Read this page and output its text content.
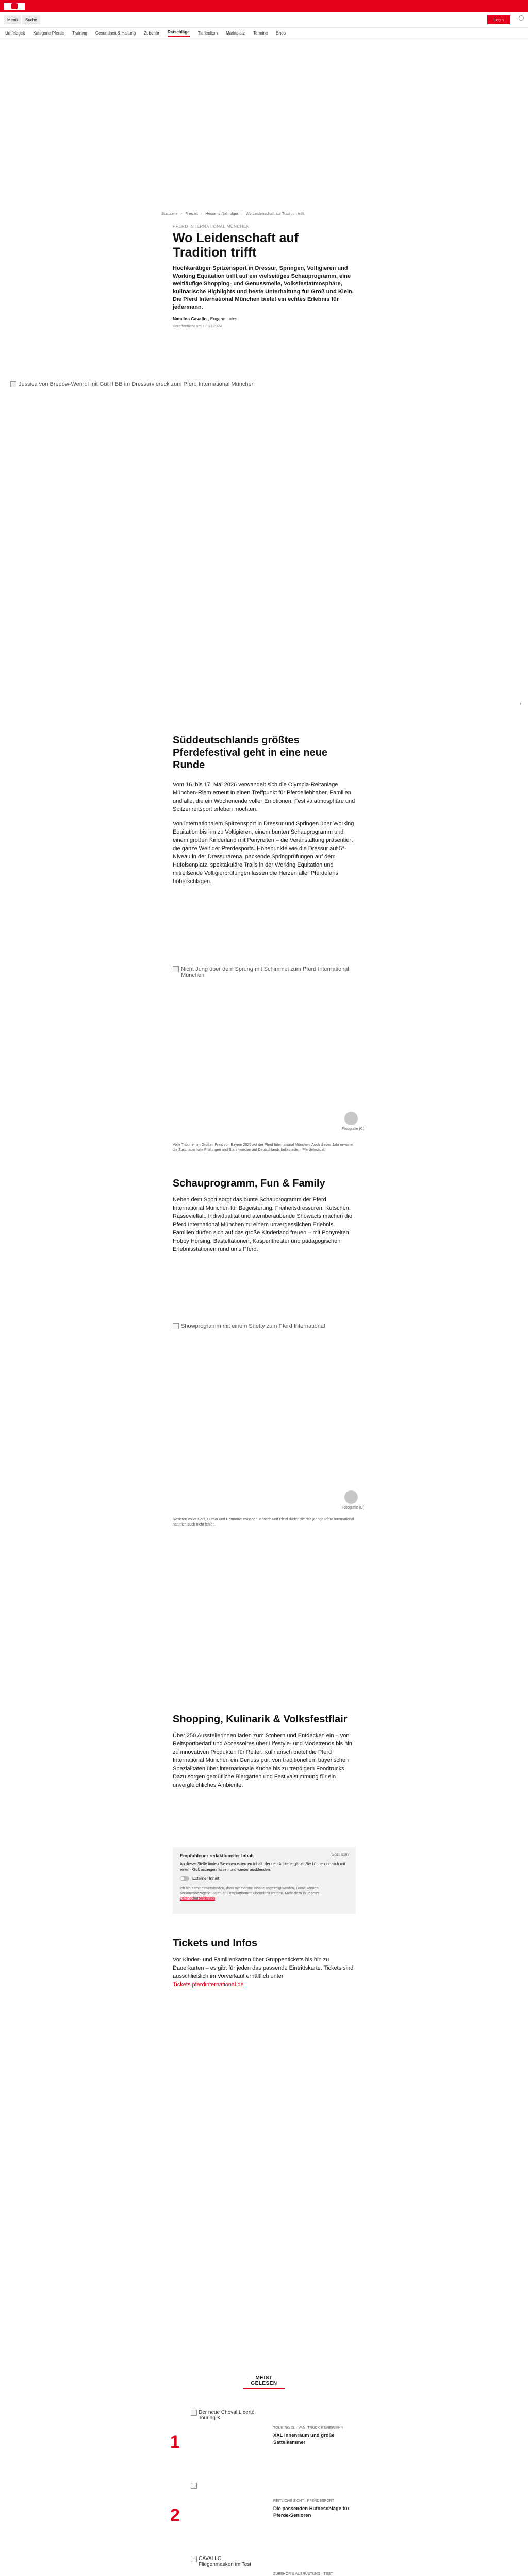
Menü	Suche	Login
Umfeldgelt Kategorie Pferde Training Gesundheit & Haltung Zubehör Ratschläge Tierlexikon Marktplatz Termine Shop
Startseite › Freizeit › Hessens Nahfolger › Wo Leidenschaft auf Tradition trifft
PFERD INTERNATIONAL MÜNCHEN
Wo Leidenschaft auf Tradition trifft

Hochkarätiger Spitzensport in Dressur, Springen, Voltigieren und Working Equitation trifft auf ein vielseitiges Schauprogramm, eine weitläufige Shopping- und Genussmeile, Volksfestatmosphäre, kulinarische Highlights und beste Unterhaltung für Groß und Klein. Die Pferd International München bietet ein echtes Erlebnis für jedermann.

Natalina Cavallo , Eugene Lutes
Veröffentlicht am 17.03.2024
Jessica von Bredow-Werndl mit Gut II BB im Dressurviereck zum Pferd International München
›
Süddeutschlands größtes Pferdefestival geht in eine neue Runde

Vom 16. bis 17. Mai 2026 verwandelt sich die Olympia-Reitanlage München-Riem erneut in einen Treffpunkt für Pferdeliebhaber, Familien und alle, die ein Wochenende voller Emotionen, Festivalatmosphäre und Spitzenreitsport erleben möchten.

Von internationalem Spitzensport in Dressur und Springen über Working Equitation bis hin zu Voltigieren, einem bunten Schauprogramm und einem großen Kinderland mit Ponyreiten – die Veranstaltung präsentiert die ganze Welt der Pferdesports. Höhepunkte wie die Dressur auf 5*-Niveau in der Dressurarena, packende Springprüfungen auf dem Hufeisenplatz, spektakuläre Trails in der Working Equitation und mitreißende Voltigierprüfungen lassen die Herzen aller Pferdefans höherschlagen.

Nicht Jung über dem Sprung mit Schimmel zum Pferd International München
Fotografie (C)
Volle Tribünen im Großen Preis von Bayern 2025 auf der Pferd International München. Auch dieses Jahr erwartet die Zuschauer tolle Prüfungen und Stars feinsten auf Deutschlands beliebtestem Pferdefestival.
Schauprogramm, Fun & Family

Neben dem Sport sorgt das bunte Schauprogramm der Pferd International München für Begeisterung. Freiheitsdressuren, Kutschen, Rassevielfalt, Individualität und atemberaubende Showacts machen die Pferd International München zu einem unvergesslichen Erlebnis. Familien dürfen sich auf das große Kinderland freuen – mit Ponyreiten, Hobby Horsing, Basteltationen, Kasperltheater und pädagogischen Erlebnisstationen rund ums Pferd.

Showprogramm mit einem Shetty zum Pferd International
Fotografie (C)
Rosieten voller Herz, Humor und Harmonie zwischen Mensch und Pferd dürfen sie das jährige Pferd International natürlich auch nicht fehlen.
Shopping, Kulinarik & Volksfestflair

Über 250 Ausstellerinnen laden zum Stöbern und Entdecken ein – von Reitsportbedarf und Accessoires über Lifestyle- und Modetrends bis hin zu innovativen Produkten für Reiter. Kulinarisch bietet die Pferd International München ein Genuss pur: von traditionellem bayerischen Spezialitäten über internationale Küche bis zu trendigem Foodtrucks. Dazu sorgen gemütliche Biergärten und Festivalstimmung für ein unvergleichliches Ambiente.

Empfohlener redaktioneller Inhalt	Sozi Icon
An dieser Stelle finden Sie einen externen Inhalt, der den Artikel ergänzt. Sie können ihn sich mit einem Klick anzeigen lassen und wieder ausblenden.
Externer Inhalt
Ich bin damit einverstanden, dass mir externe Inhalte angezeigt werden. Damit können personenbezogene Daten an Drittplattformen übermittelt werden. Mehr dazu in unserer Datenschutzerklärung
Tickets und Infos

Vor Kinder- und Familienkarten über Gruppentickets bis hin zu Dauerkarten – es gibt für jeden das passende Eintrittskarte. Tickets sind ausschließlich im Vorverkauf erhältlich unter Tickets.pferdinternational.de

MEIST GELESEN
1
Der neue Choval Liberté Touring XL
TOURING XL · VAN, TRUCK REVIEW
XXL Innenraum und große Sattelkammer
MEHR
2
REITLICHE SICHT · PFERDESPORT
Die passenden Hufbeschläge für Pferde-Senioren
CAVALLO Fliegenmasken im Test
ZUBEHÖR & AUSRÜSTUNG · TEST
